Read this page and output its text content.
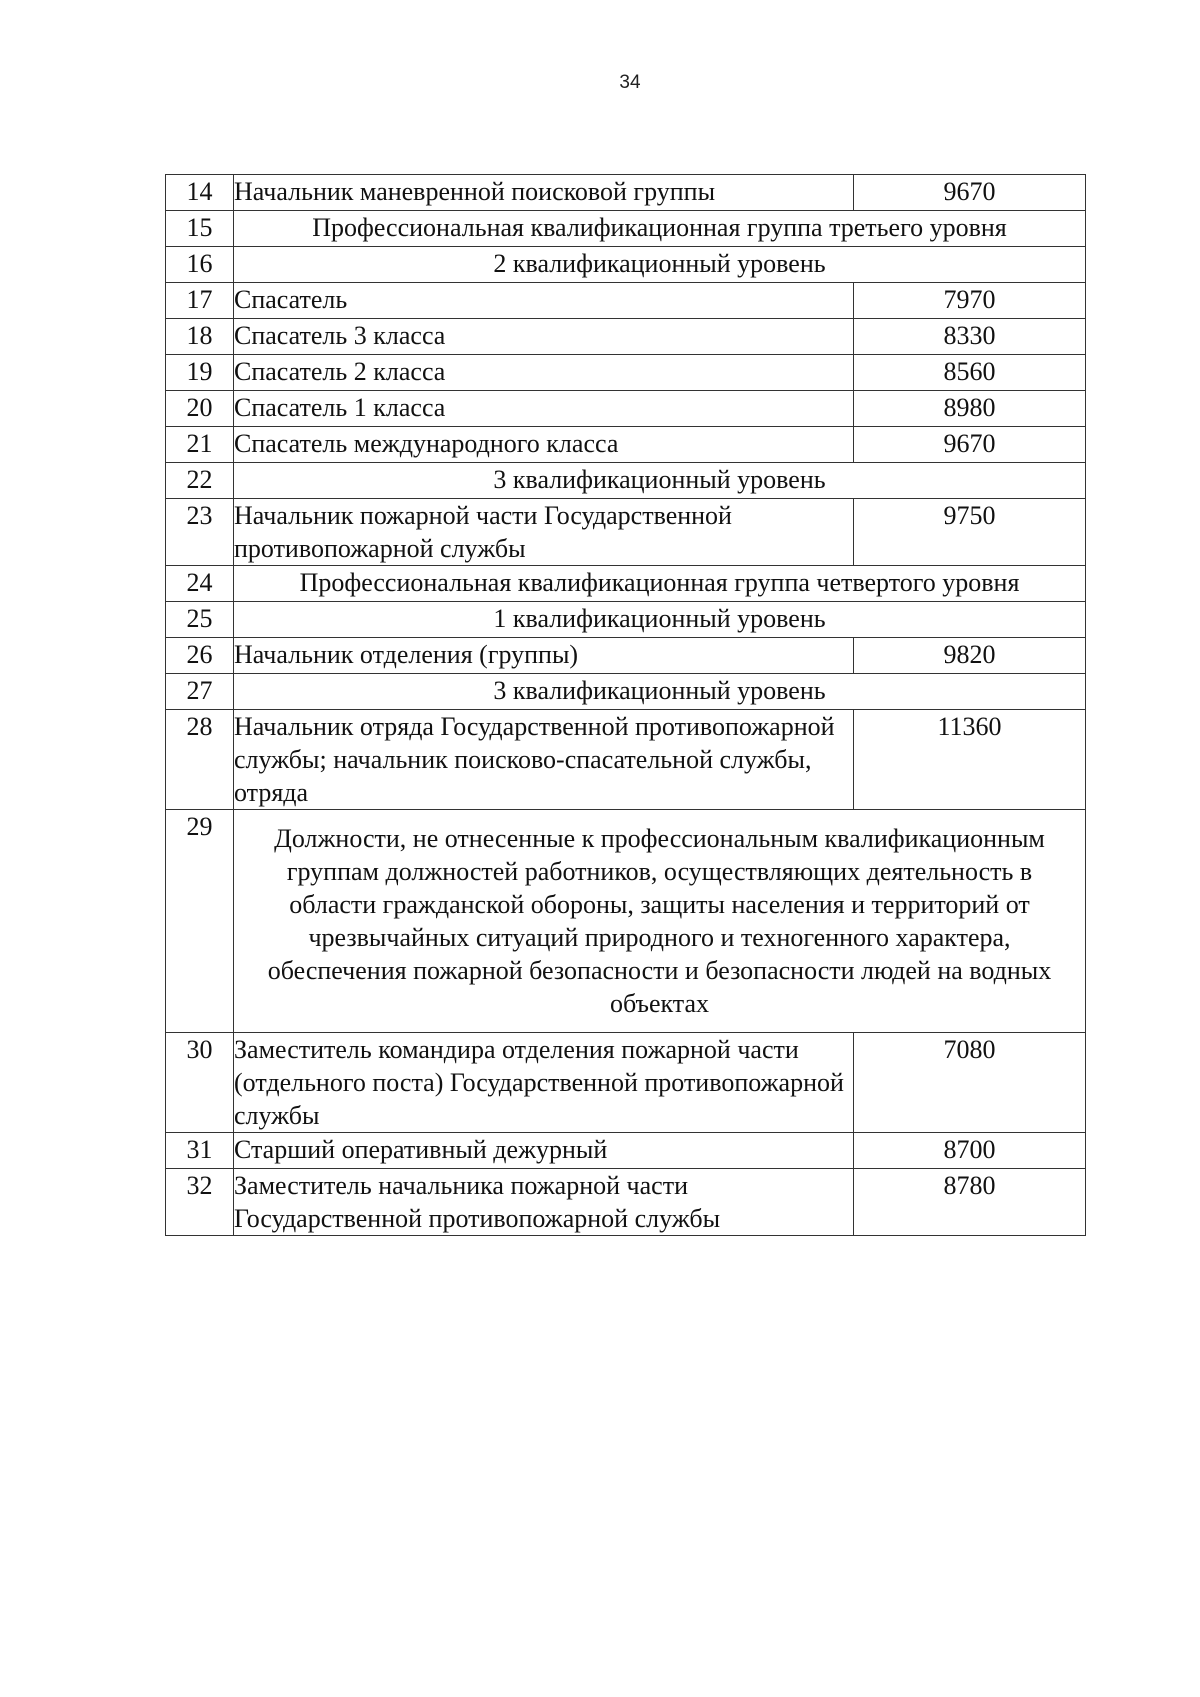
34
14	Начальник маневренной поисковой группы	9670
15	Профессиональная квалификационная группа третьего уровня	
16	2 квалификационный уровень	
17	Спасатель	7970
18	Спасатель 3 класса	8330
19	Спасатель 2 класса	8560
20	Спасатель 1 класса	8980
21	Спасатель международного класса	9670
22	3 квалификационный уровень	
23	Начальник пожарной части Государственной противопожарной службы	9750
24	Профессиональная квалификационная группа четвертого уровня	
25	1 квалификационный уровень	
26	Начальник отделения (группы)	9820
27	3 квалификационный уровень	
28	Начальник отряда Государственной противопожарной службы; начальник поисково-спасательной службы, отряда	11360
29	Должности, не отнесенные к профессиональным квалификационным группам должностей работников, осуществляющих деятельность в области гражданской обороны, защиты населения и территорий от чрезвычайных ситуаций природного и техногенного характера, обеспечения пожарной безопасности и безопасности людей на водных объектах	
30	Заместитель командира отделения пожарной части (отдельного поста) Государственной противопожарной службы	7080
31	Старший оперативный дежурный	8700
32	Заместитель начальника пожарной части Государственной противопожарной службы	8780
